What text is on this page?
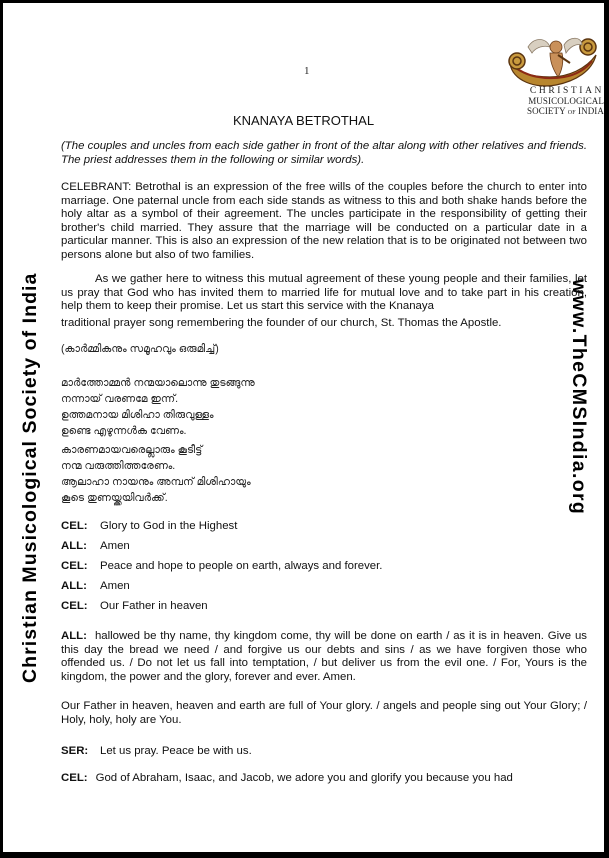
Christian Musicological Society of India	www.TheCMSIndia.org
CHRISTIAN
MUSICOLOGICAL
SOCIETY OF INDIA
1
KNANAYA BETROTHAL
(The couples and uncles from each side gather in front of the altar along with other relatives and friends. The priest addresses them in the following or similar words).
CELEBRANT: Betrothal is an expression of the free wills of the couples before the church to enter into marriage. One paternal uncle from each side stands as witness to this and both shake hands before the holy altar as a symbol of their agreement. The uncles participate in the responsibility of getting their brother's child married. They assure that the marriage will be conducted on a particular date in a particular manner. This is also an expression of the new relation that is to be originated not between two persons alone but also of two families.
As we gather here to witness this mutual agreement of these young people and their families, let us pray that God who has invited them to married life for mutual love and to take part in his creation, help them to keep their promise. Let us start this service with the Knanaya
traditional prayer song remembering the founder of our church, St. Thomas the Apostle.
(കാർമ്മികനും സമൂഹവും ഒരുമിച്ച്)
മാർത്തോമ്മൻ നന്മയാലൊന്നു തുടങ്ങുന്നു
നന്നായ് വരണമേ ഇന്ന്.
ഉത്തമനായ മിശിഹാ തിരുവുള്ളം
ഉണ്ടെ എഴുന്നള്‍ക വേണം.
കാരണമായവരെല്ലാരും കൂടീട്ട്
നന്മ വരുത്തിത്തരേണം.
ആലാഹാ നായനും അമ്പന് മിശിഹായും
കൂടെ തുണയ്ക്കയിവർക്ക്.
CEL: Glory to God in the Highest
ALL: Amen
CEL: Peace and hope to people on earth, always and forever.
ALL: Amen
CEL: Our Father in heaven
ALL: hallowed be thy name, thy kingdom come, thy will be done on earth / as it is in heaven. Give us this day the bread we need / and forgive us our debts and sins / as we have forgiven those who offended us. / Do not let us fall into temptation, / but deliver us from the evil one. / For, Yours is the kingdom, the power and the glory, forever and ever. Amen.
Our Father in heaven, heaven and earth are full of Your glory. / angels and people sing out Your Glory; / Holy, holy, holy are You.
SER: Let us pray. Peace be with us.
CEL: God of Abraham, Isaac, and Jacob, we adore you and glorify you because you had
